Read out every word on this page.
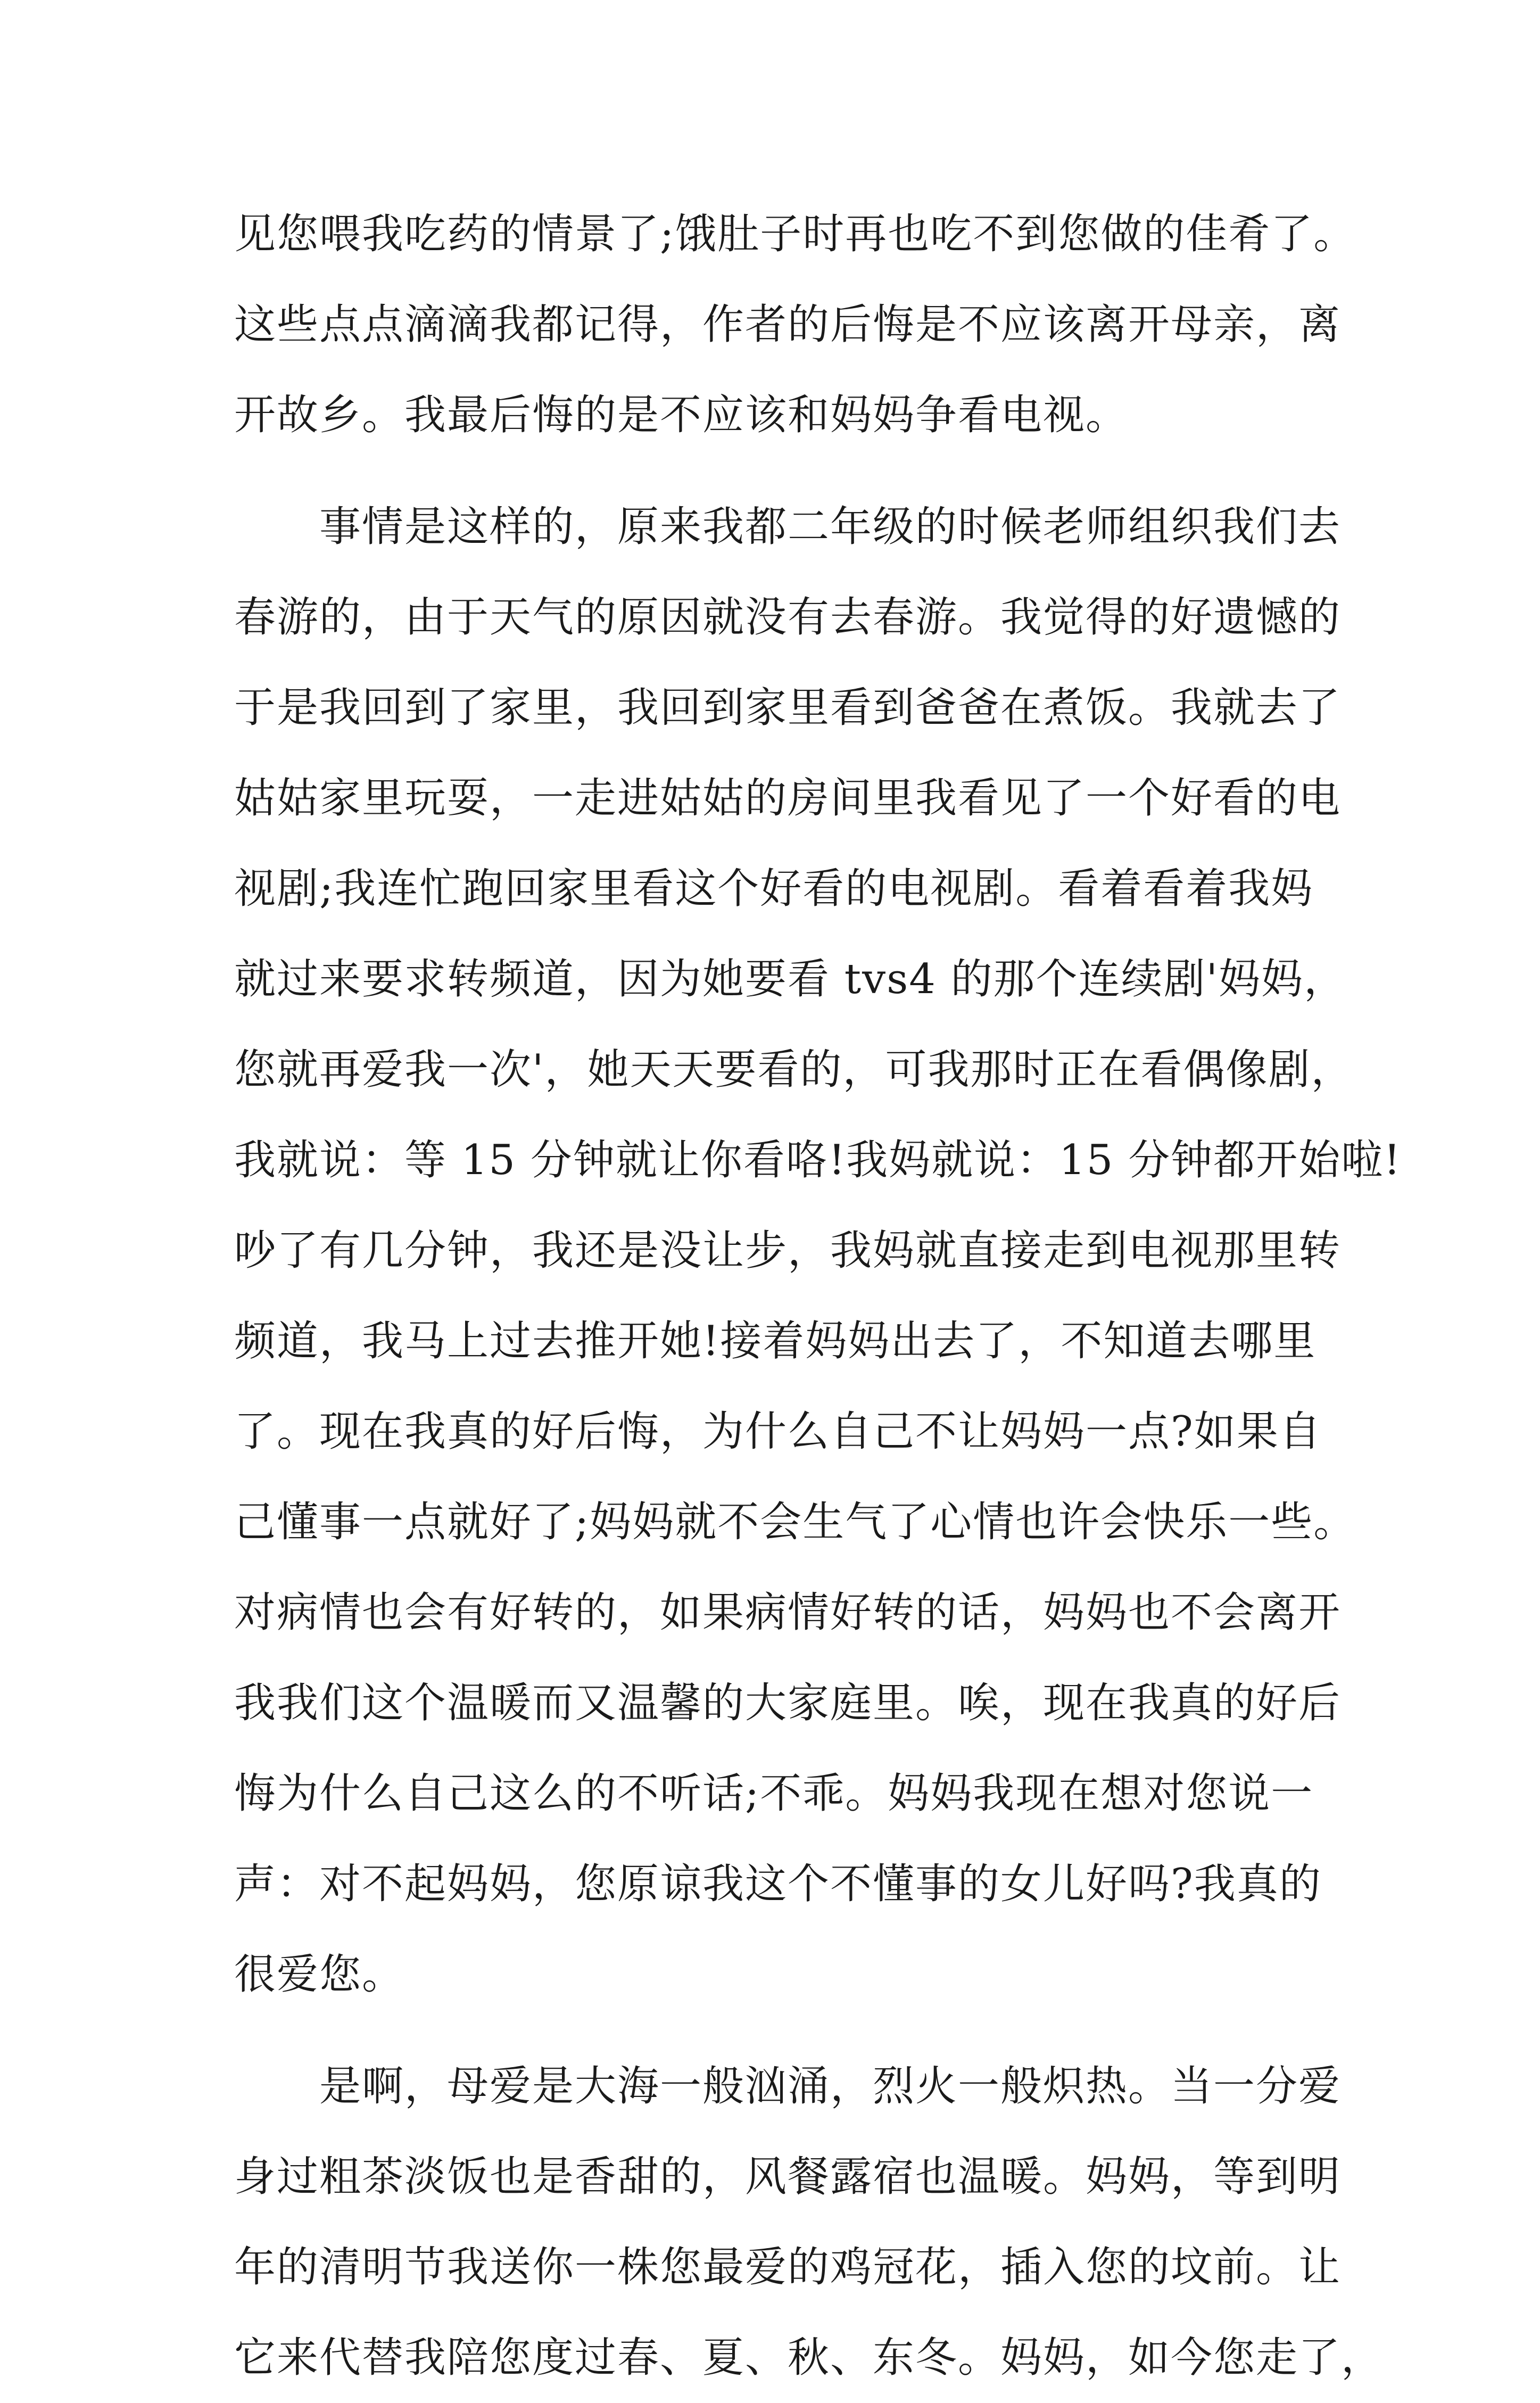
见您喂我吃药的情景了;饿肚子时再也吃不到您做的佳肴了。
这些点点滴滴我都记得，作者的后悔是不应该离开母亲，离
开故乡。我最后悔的是不应该和妈妈争看电视。
　　事情是这样的，原来我都二年级的时候老师组织我们去
春游的，由于天气的原因就没有去春游。我觉得的好遗憾的
于是我回到了家里，我回到家里看到爸爸在煮饭。我就去了
姑姑家里玩耍，一走进姑姑的房间里我看见了一个好看的电
视剧;我连忙跑回家里看这个好看的电视剧。看着看着我妈
就过来要求转频道，因为她要看 tvs4 的那个连续剧'妈妈，
您就再爱我一次'，她天天要看的，可我那时正在看偶像剧，
我就说：等 15 分钟就让你看咯!我妈就说：15 分钟都开始啦!
吵了有几分钟，我还是没让步，我妈就直接走到电视那里转
频道，我马上过去推开她!接着妈妈出去了，不知道去哪里
了。现在我真的好后悔，为什么自己不让妈妈一点?如果自
己懂事一点就好了;妈妈就不会生气了心情也许会快乐一些。
对病情也会有好转的，如果病情好转的话，妈妈也不会离开
我我们这个温暖而又温馨的大家庭里。唉，现在我真的好后
悔为什么自己这么的不听话;不乖。妈妈我现在想对您说一
声：对不起妈妈，您原谅我这个不懂事的女儿好吗?我真的
很爱您。
　　是啊，母爱是大海一般汹涌，烈火一般炽热。当一分爱
身过粗茶淡饭也是香甜的，风餐露宿也温暖。妈妈，等到明
年的清明节我送你一株您最爱的鸡冠花，插入您的坟前。让
它来代替我陪您度过春、夏、秋、东冬。妈妈，如今您走了，
